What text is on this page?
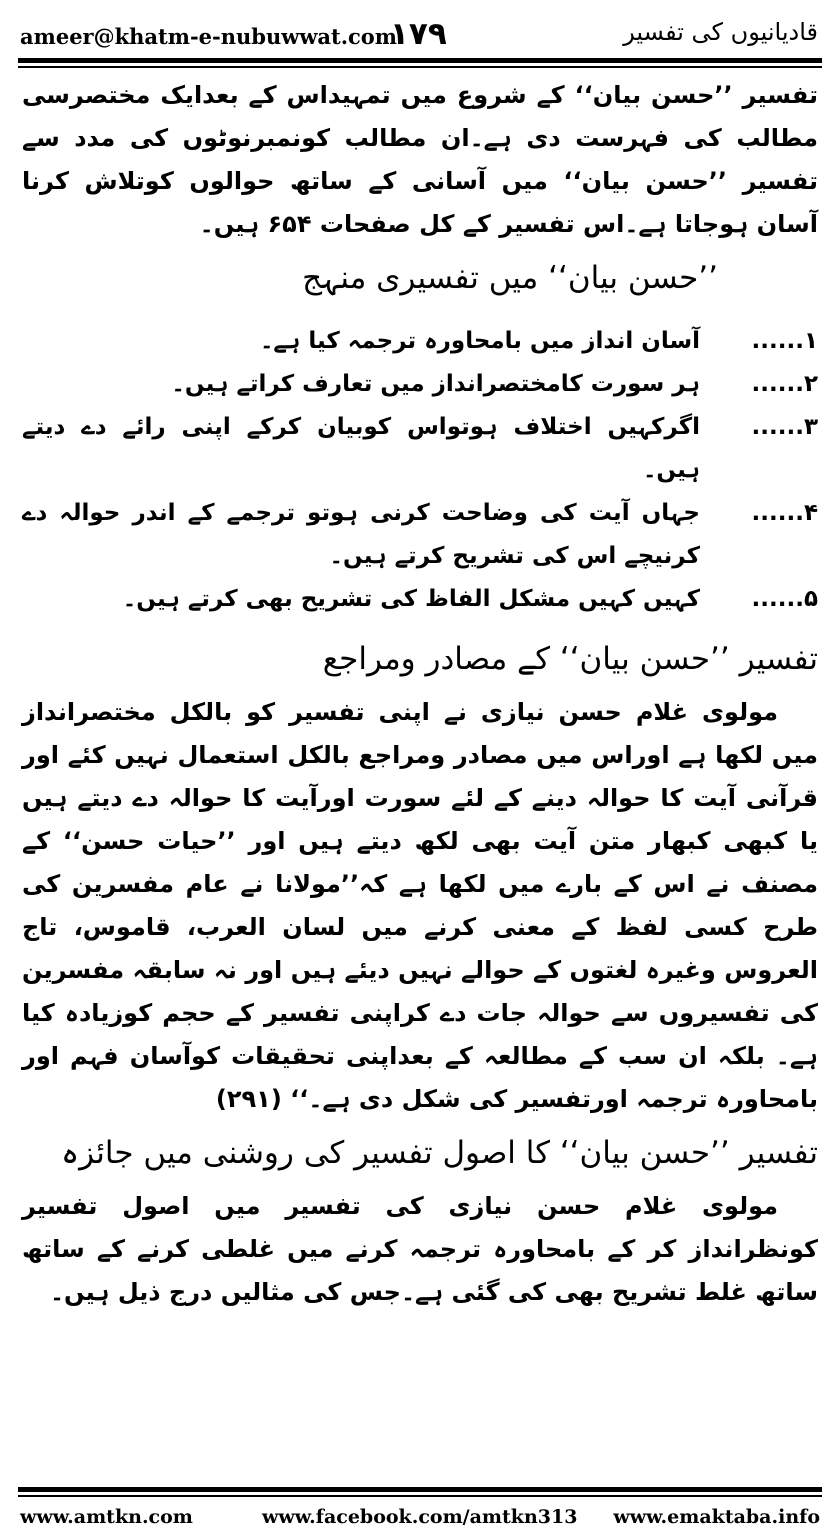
ameer@khatm-e-nubuwwat.com
۱۷۹	قادیانیوں کی تفسیر

تفسیر ’’حسن بیان‘‘ کے شروع میں تمہیداس کے بعدایک مختصرسی مطالب کی فہرست دی ہے۔ان مطالب کونمبرنوٹوں کی مدد سے تفسیر ’’حسن بیان‘‘ میں آسانی کے ساتھ حوالوں کوتلاش کرنا آسان ہوجاتا ہے۔اس تفسیر کے کل صفحات ۶۵۴ ہیں۔

’’حسن بیان‘‘ میں تفسیری منہج

۱......
آسان انداز میں بامحاورہ ترجمہ کیا ہے۔
۲......
ہر سورت کامختصرانداز میں تعارف کراتے ہیں۔
۳......
اگرکہیں اختلاف ہوتواس کوبیان کرکے اپنی رائے دے دیتے ہیں۔
۴......
جہاں آیت کی وضاحت کرنی ہوتو ترجمے کے اندر حوالہ دے کرنیچے اس کی تشریح کرتے ہیں۔
۵......
کہیں کہیں مشکل الفاظ کی تشریح بھی کرتے ہیں۔

تفسیر ’’حسن بیان‘‘ کے مصادر ومراجع

مولوی غلام حسن نیازی نے اپنی تفسیر کو بالکل مختصرانداز میں لکھا ہے اوراس میں مصادر ومراجع بالکل استعمال نہیں کئے اور قرآنی آیت کا حوالہ دینے کے لئے سورت اورآیت کا حوالہ دے دیتے ہیں یا کبھی کبھار متن آیت بھی لکھ دیتے ہیں اور ’’حیات حسن‘‘ کے مصنف نے اس کے بارے میں لکھا ہے کہ’’مولانا نے عام مفسرین کی طرح کسی لفظ کے معنی کرنے میں لسان العرب، قاموس، تاج العروس وغیرہ لغتوں کے حوالے نہیں دیئے ہیں اور نہ سابقہ مفسرین کی تفسیروں سے حوالہ جات دے کراپنی تفسیر کے حجم کوزیادہ کیا ہے۔ بلکہ ان سب کے مطالعہ کے بعداپنی تحقیقات کوآسان فہم اور بامحاورہ ترجمہ اورتفسیر کی شکل دی ہے۔‘‘ (۲۹۱)

تفسیر ’’حسن بیان‘‘ کا اصول تفسیر کی روشنی میں جائزہ

مولوی غلام حسن نیازی کی تفسیر میں اصول تفسیر کونظرانداز کر کے بامحاورہ ترجمہ کرنے میں غلطی کرنے کے ساتھ ساتھ غلط تشریح بھی کی گئی ہے۔جس کی مثالیں درج ذیل ہیں۔

www.amtkn.com	www.facebook.com/amtkn313 www.emaktaba.info
